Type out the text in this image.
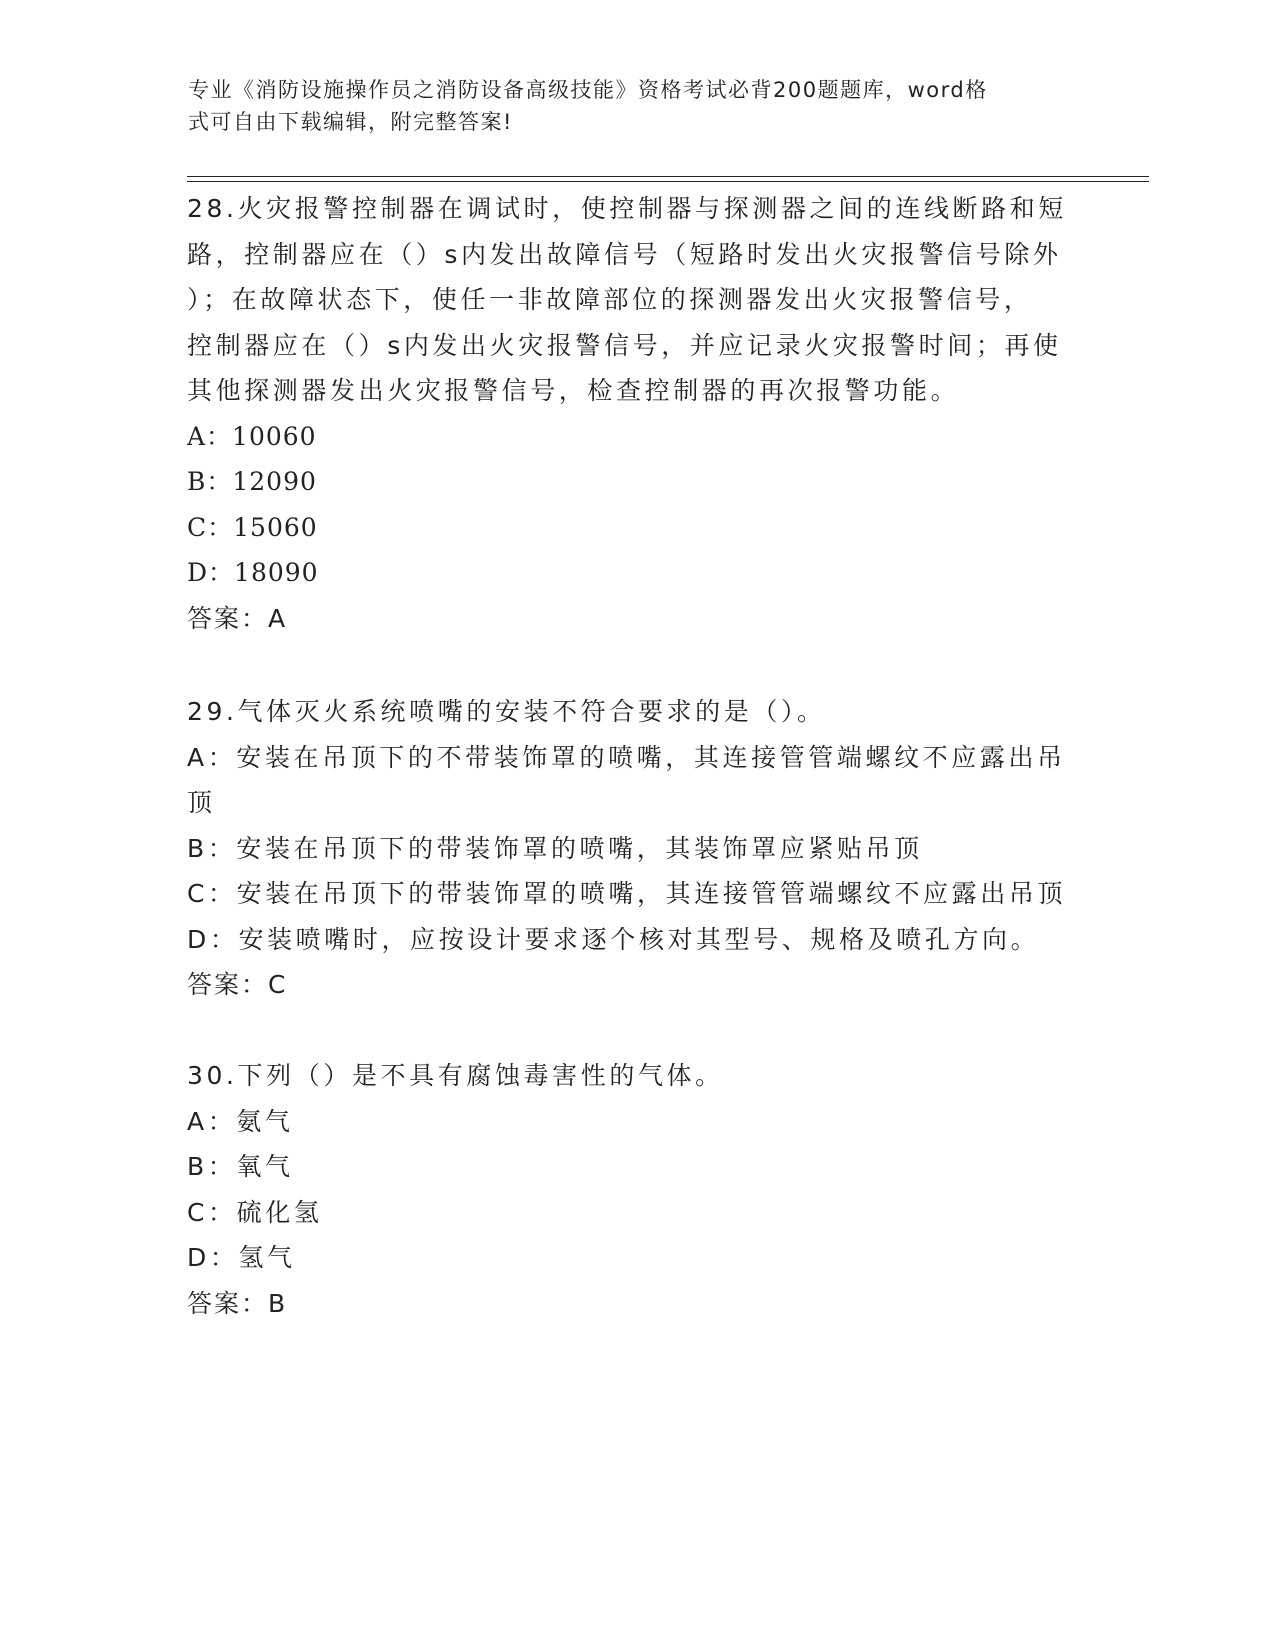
专业《消防设施操作员之消防设备高级技能》资格考试必背200题题库，word格
式可自由下载编辑，附完整答案!
28.火灾报警控制器在调试时，使控制器与探测器之间的连线断路和短
路，控制器应在（）s内发出故障信号（短路时发出火灾报警信号除外
）；在故障状态下，使任一非故障部位的探测器发出火灾报警信号，
控制器应在（）s内发出火灾报警信号，并应记录火灾报警时间；再使
其他探测器发出火灾报警信号，检查控制器的再次报警功能。
A：10060
B：12090
C：15060
D：18090
答案：A
29.气体灭火系统喷嘴的安装不符合要求的是（）。
A：安装在吊顶下的不带装饰罩的喷嘴，其连接管管端螺纹不应露出吊
顶
B：安装在吊顶下的带装饰罩的喷嘴，其装饰罩应紧贴吊顶
C：安装在吊顶下的带装饰罩的喷嘴，其连接管管端螺纹不应露出吊顶
D：安装喷嘴时，应按设计要求逐个核对其型号、规格及喷孔方向。
答案：C
30.下列（）是不具有腐蚀毒害性的气体。
A：氨气
B：氧气
C：硫化氢
D：氢气
答案：B
